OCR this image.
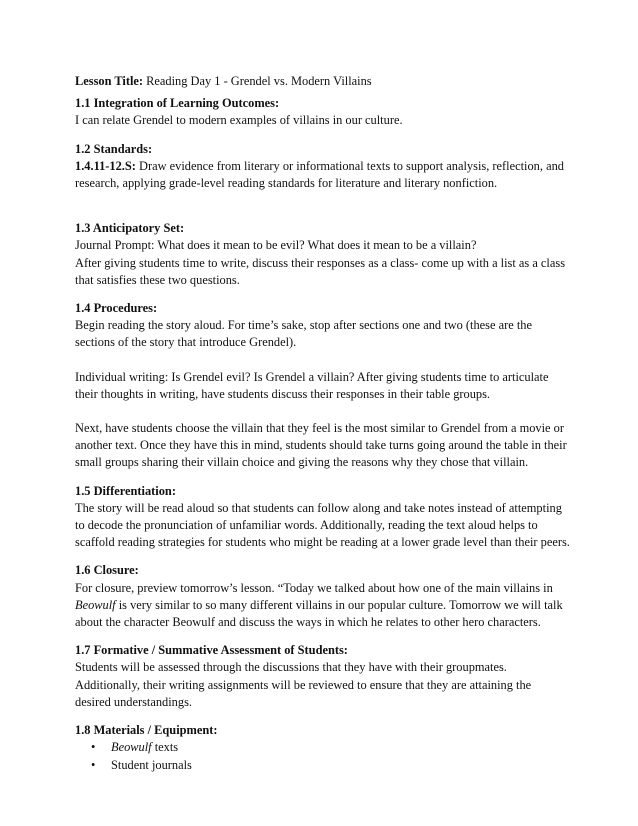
Lesson Title: Reading Day 1 - Grendel vs. Modern Villains

1.1 Integration of Learning Outcomes:

I can relate Grendel to modern examples of villains in our culture.

1.2 Standards:

1.4.11-12.S: Draw evidence from literary or informational texts to support analysis, reflection, and research, applying grade-level reading standards for literature and literary nonfiction.

1.3 Anticipatory Set:

Journal Prompt: What does it mean to be evil? What does it mean to be a villain?

After giving students time to write, discuss their responses as a class- come up with a list as a class that satisfies these two questions.

1.4 Procedures:

Begin reading the story aloud. For time’s sake, stop after sections one and two (these are the sections of the story that introduce Grendel).

Individual writing: Is Grendel evil? Is Grendel a villain? After giving students time to articulate their thoughts in writing, have students discuss their responses in their table groups.

Next, have students choose the villain that they feel is the most similar to Grendel from a movie or another text. Once they have this in mind, students should take turns going around the table in their small groups sharing their villain choice and giving the reasons why they chose that villain.

1.5 Differentiation:

The story will be read aloud so that students can follow along and take notes instead of attempting to decode the pronunciation of unfamiliar words. Additionally, reading the text aloud helps to scaffold reading strategies for students who might be reading at a lower grade level than their peers.

1.6 Closure:

For closure, preview tomorrow’s lesson. “Today we talked about how one of the main villains in Beowulf is very similar to so many different villains in our popular culture. Tomorrow we will talk about the character Beowulf and discuss the ways in which he relates to other hero characters.

1.7 Formative / Summative Assessment of Students:

Students will be assessed through the discussions that they have with their groupmates. Additionally, their writing assignments will be reviewed to ensure that they are attaining the desired understandings.

1.8 Materials / Equipment:

• Beowulf texts
• Student journals
